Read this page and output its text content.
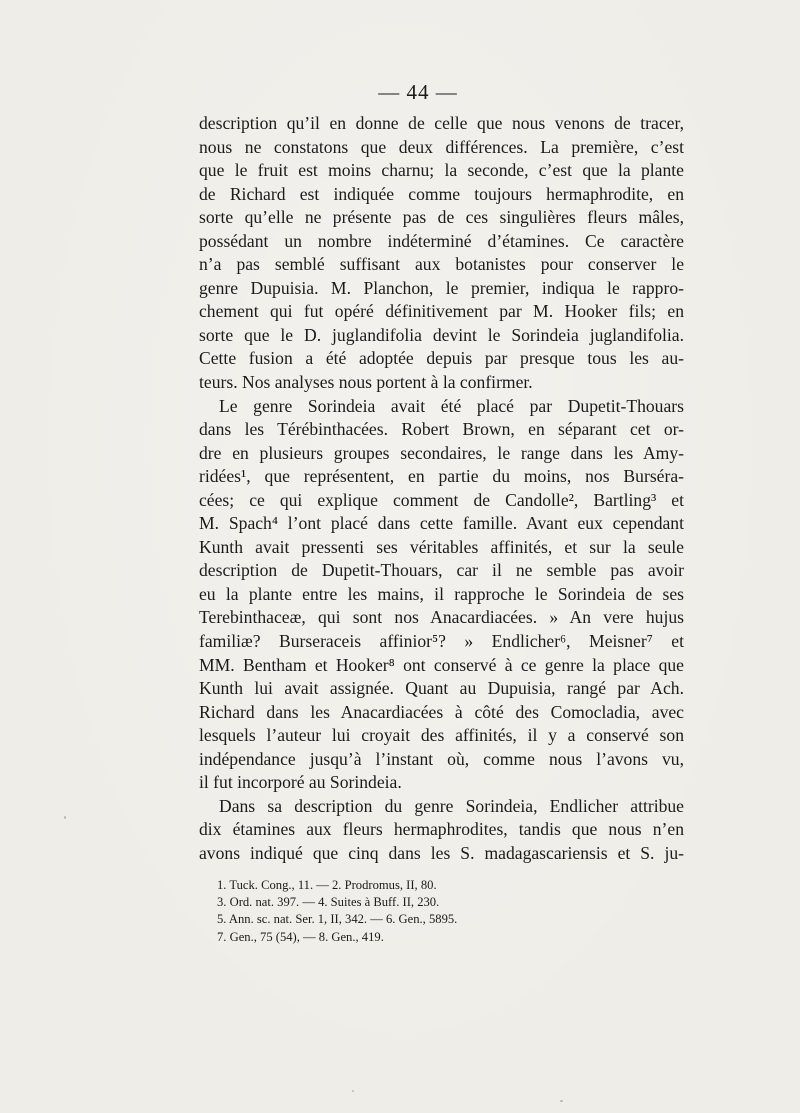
— 44 —
description qu’il en donne de celle que nous venons de tracer,
nous ne constatons que deux différences. La première, c’est
que le fruit est moins charnu; la seconde, c’est que la plante
de Richard est indiquée comme toujours hermaphrodite, en
sorte qu’elle ne présente pas de ces singulières fleurs mâles,
possédant un nombre indéterminé d’étamines. Ce caractère
n’a pas semblé suffisant aux botanistes pour conserver le
genre Dupuisia. M. Planchon, le premier, indiqua le rappro-
chement qui fut opéré définitivement par M. Hooker fils; en
sorte que le D. juglandifolia devint le Sorindeia juglandifolia.
Cette fusion a été adoptée depuis par presque tous les au-
teurs. Nos analyses nous portent à la confirmer.
Le genre Sorindeia avait été placé par Dupetit-Thouars
dans les Térébinthacées. Robert Brown, en séparant cet or-
dre en plusieurs groupes secondaires, le range dans les Amy-
ridées¹, que représentent, en partie du moins, nos Burséra-
cées; ce qui explique comment de Candolle², Bartling³ et
M. Spach⁴ l’ont placé dans cette famille. Avant eux cependant
Kunth avait pressenti ses véritables affinités, et sur la seule
description de Dupetit-Thouars, car il ne semble pas avoir
eu la plante entre les mains, il rapproche le Sorindeia de ses
Terebinthaceæ, qui sont nos Anacardiacées. » An vere hujus
familiæ? Burseraceis affinior⁵? » Endlicher⁶, Meisner⁷ et
MM. Bentham et Hooker⁸ ont conservé à ce genre la place que
Kunth lui avait assignée. Quant au Dupuisia, rangé par Ach.
Richard dans les Anacardiacées à côté des Comocladia, avec
lesquels l’auteur lui croyait des affinités, il y a conservé son
indépendance jusqu’à l’instant où, comme nous l’avons vu,
il fut incorporé au Sorindeia.
Dans sa description du genre Sorindeia, Endlicher attribue
dix étamines aux fleurs hermaphrodites, tandis que nous n’en
avons indiqué que cinq dans les S. madagascariensis et S. ju-
1. Tuck. Cong., 11. — 2. Prodromus, II, 80.
3. Ord. nat. 397. — 4. Suites à Buff. II, 230.
5. Ann. sc. nat. Ser. 1, II, 342. — 6. Gen., 5895.
7. Gen., 75 (54), — 8. Gen., 419.
